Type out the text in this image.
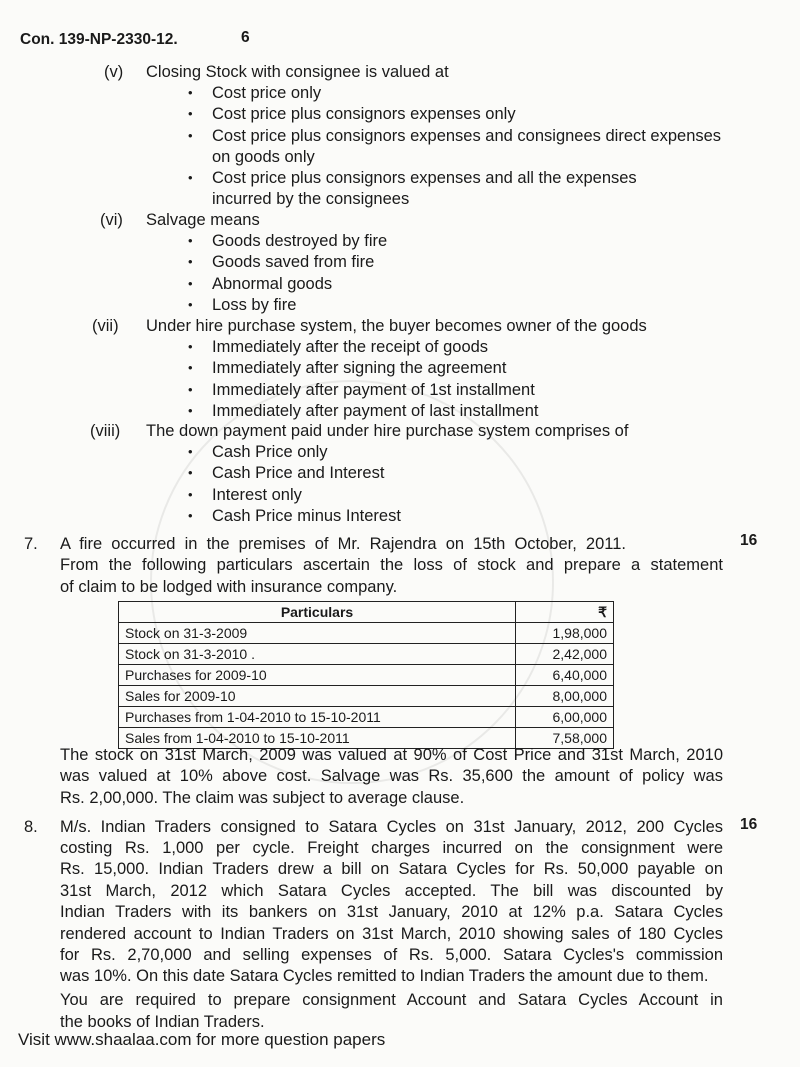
Con. 139-NP-2330-12.	6
(v) Closing Stock with consignee is valued at
• Cost price only
• Cost price plus consignors expenses only
• Cost price plus consignors expenses and consignees direct expenses
on goods only
• Cost price plus consignors expenses and all the expenses
incurred by the consignees
(vi) Salvage means
• Goods destroyed by fire
• Goods saved from fire
• Abnormal goods
• Loss by fire
(vii) Under hire purchase system, the buyer becomes owner of the goods
• Immediately after the receipt of goods
• Immediately after signing the agreement
• Immediately after payment of 1st installment
• Immediately after payment of last installment
(viii) The down payment paid under hire purchase system comprises of
• Cash Price only
• Cash Price and Interest
• Interest only
• Cash Price minus Interest
7.	16
A fire occurred in the premises of Mr. Rajendra on 15th October, 2011.
From the following particulars ascertain the loss of stock and prepare a statement
of claim to be lodged with insurance company.
Particulars	₹
Stock on 31-3-2009	1,98,000
Stock on 31-3-2010 .	2,42,000
Purchases for 2009-10	6,40,000
Sales for 2009-10	8,00,000
Purchases from 1-04-2010 to 15-10-2011	6,00,000
Sales from 1-04-2010 to 15-10-2011	7,58,000
The stock on 31st March, 2009 was valued at 90% of Cost Price and 31st March, 2010
was valued at 10% above cost. Salvage was Rs. 35,600 the amount of policy was
Rs. 2,00,000. The claim was subject to average clause.
8.	16
M/s. Indian Traders consigned to Satara Cycles on 31st January, 2012, 200 Cycles
costing Rs. 1,000 per cycle. Freight charges incurred on the consignment were
Rs. 15,000. Indian Traders drew a bill on Satara Cycles for Rs. 50,000 payable on
31st March, 2012 which Satara Cycles accepted. The bill was discounted by
Indian Traders with its bankers on 31st January, 2010 at 12% p.a. Satara Cycles
rendered account to Indian Traders on 31st March, 2010 showing sales of 180 Cycles
for Rs. 2,70,000 and selling expenses of Rs. 5,000. Satara Cycles's commission
was 10%. On this date Satara Cycles remitted to Indian Traders the amount due to them.
You are required to prepare consignment Account and Satara Cycles Account in
the books of Indian Traders.
Visit www.shaalaa.com for more question papers
